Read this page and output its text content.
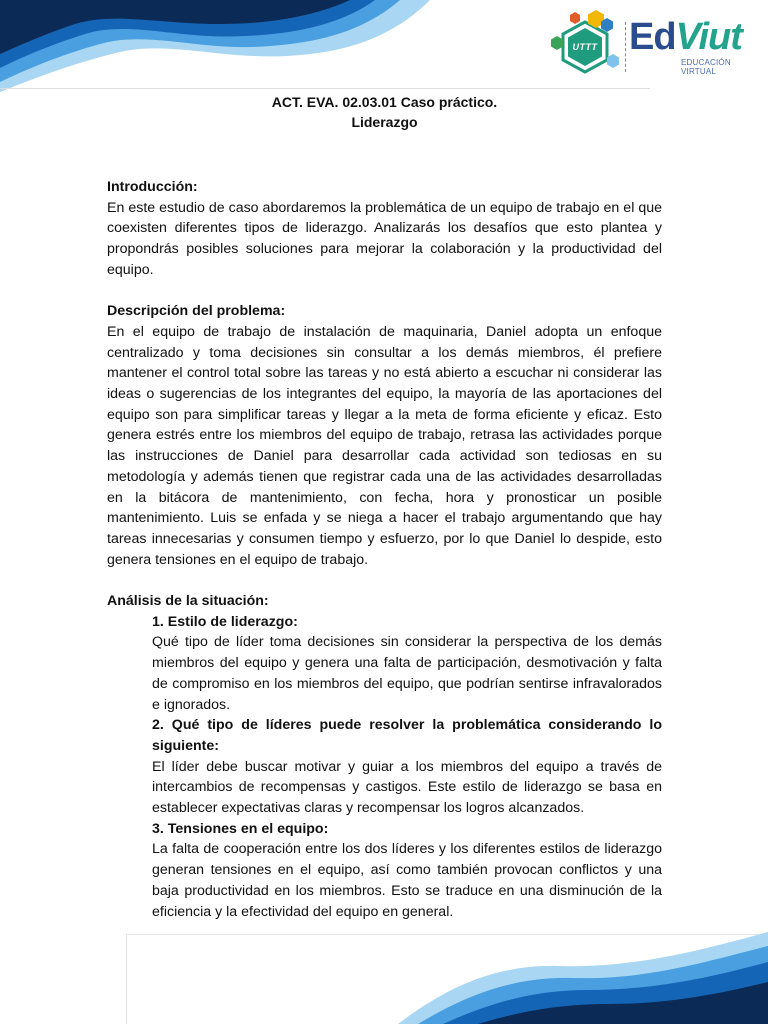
UTTT EdViut
EDUCACIÓN
VIRTUAL
ACT. EVA. 02.03.01 Caso práctico.
Liderazgo
Introducción:

En este estudio de caso abordaremos la problemática de un equipo de trabajo en el que coexisten diferentes tipos de liderazgo. Analizarás los desafíos que esto plantea y propondrás posibles soluciones para mejorar la colaboración y la productividad del equipo.

Descripción del problema:

En el equipo de trabajo de instalación de maquinaria, Daniel adopta un enfoque centralizado y toma decisiones sin consultar a los demás miembros, él prefiere mantener el control total sobre las tareas y no está abierto a escuchar ni considerar las ideas o sugerencias de los integrantes del equipo, la mayoría de las aportaciones del equipo son para simplificar tareas y llegar a la meta de forma eficiente y eficaz. Esto genera estrés entre los miembros del equipo de trabajo, retrasa las actividades porque las instrucciones de Daniel para desarrollar cada actividad son tediosas en su metodología y además tienen que registrar cada una de las actividades desarrolladas en la bitácora de mantenimiento, con fecha, hora y pronosticar un posible mantenimiento. Luis se enfada y se niega a hacer el trabajo argumentando que hay tareas innecesarias y consumen tiempo y esfuerzo, por lo que Daniel lo despide, esto genera tensiones en el equipo de trabajo.

Análisis de la situación:
1. Estilo de liderazgo:

Qué tipo de líder toma decisiones sin considerar la perspectiva de los demás miembros del equipo y genera una falta de participación, desmotivación y falta de compromiso en los miembros del equipo, que podrían sentirse infravalorados e ignorados.

2. Qué tipo de líderes puede resolver la problemática considerando lo siguiente:

El líder debe buscar motivar y guiar a los miembros del equipo a través de intercambios de recompensas y castigos. Este estilo de liderazgo se basa en establecer expectativas claras y recompensar los logros alcanzados.

3. Tensiones en el equipo:

La falta de cooperación entre los dos líderes y los diferentes estilos de liderazgo generan tensiones en el equipo, así como también provocan conflictos y una baja productividad en los miembros. Esto se traduce en una disminución de la eficiencia y la efectividad del equipo en general.
